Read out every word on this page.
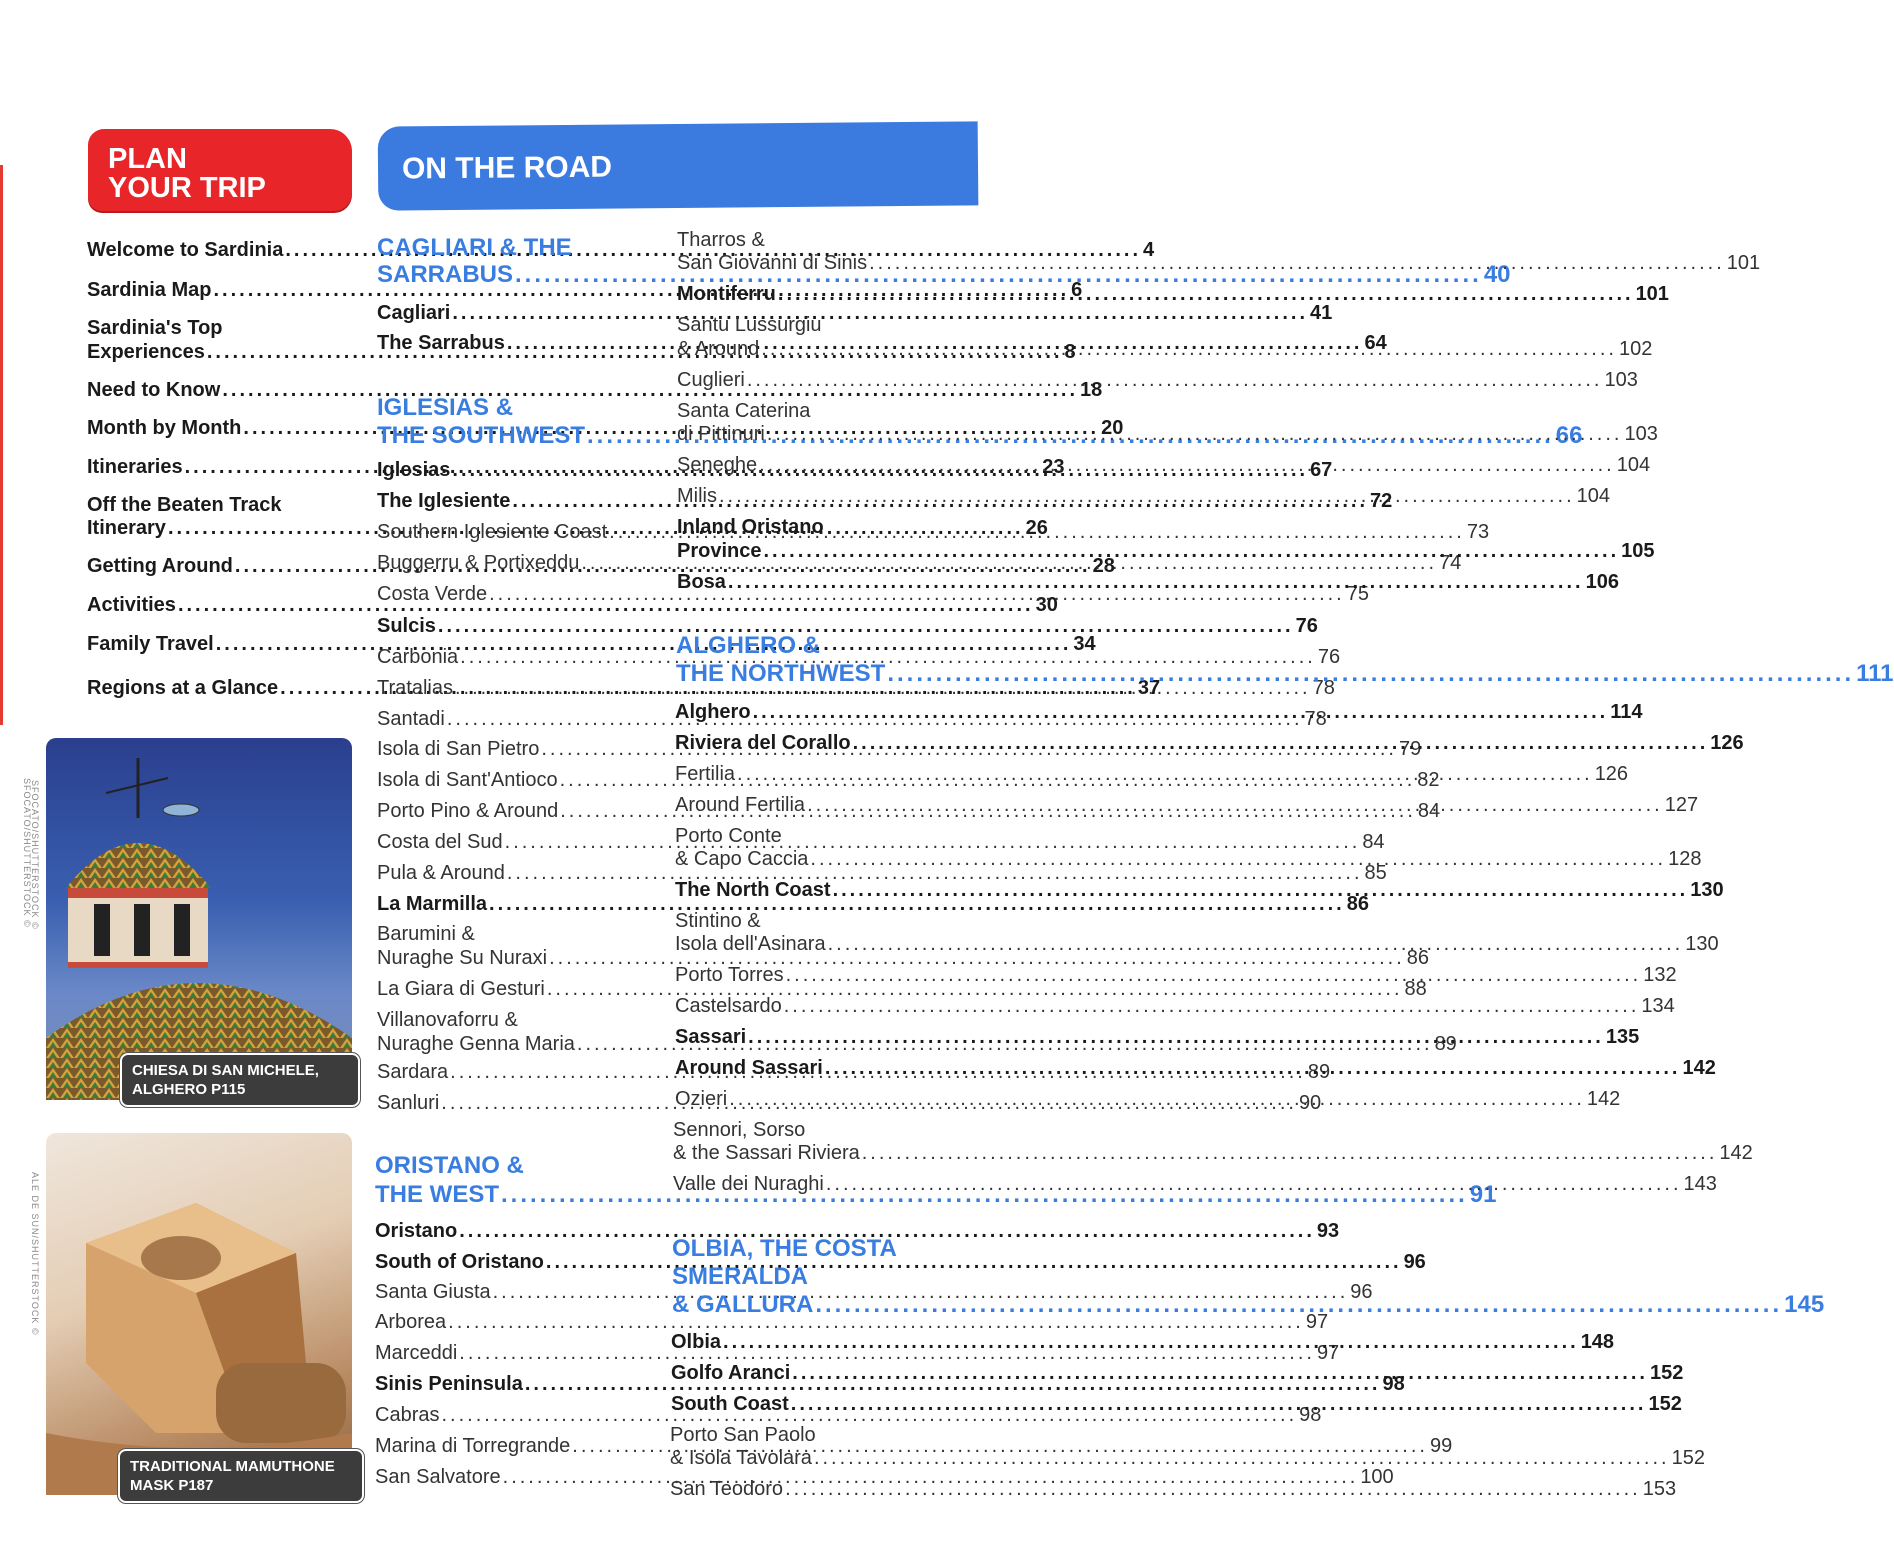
PLAN
YOUR TRIP
Welcome to Sardinia .....	4
Sardinia Map .....	6
Sardinia's Top
Experiences .....	8
Need to Know .....	18
Month by Month .....	20
Itineraries .....	23
Off the Beaten Track
Itinerary .....	26
Getting Around .....	28
Activities .....	30
Family Travel .....	34
Regions at a Glance .....	37
SFOCATO/SHUTTERSTOCK ©
CHIESA DI SAN MICHELE,
ALGHERO P115
SFOCATO/SHUTTERSTOCK ©
TRADITIONAL MAMUTHONE
MASK P187
ALE DE SUN/SHUTTERSTOCK ©
ON THE ROAD
CAGLIARI & THE
SARRABUS .....	40
Cagliari .....	41
The Sarrabus .....	64
IGLESIAS &
THE SOUTHWEST .....	66
Iglesias .....	67
The Iglesiente .....	72
Southern Iglesiente Coast .....	73
Buggerru & Portixeddu .....	74
Costa Verde .....	75
Sulcis .....	76
Carbonia .....	76
Tratalias .....	78
Santadi .....	78
Isola di San Pietro .....	79
Isola di Sant'Antioco .....	82
Porto Pino & Around .....	84
Costa del Sud .....	84
Pula & Around .....	85
La Marmilla .....	86
Barumini &
Nuraghe Su Nuraxi .....	86
La Giara di Gesturi .....	88
Villanovaforru &
Nuraghe Genna Maria .....	89
Sardara .....	89
Sanluri .....	90
ORISTANO &
THE WEST .....	91
Oristano .....	93
South of Oristano .....	96
Santa Giusta .....	96
Arborea .....	97
Marceddi .....	97
Sinis Peninsula .....	98
Cabras .....	98
Marina di Torregrande .....	99
San Salvatore .....	100
Tharros &
San Giovanni di Sinis .....	101
Montiferru .....	101
Santu Lussurgiu
& Around .....	102
Cuglieri .....	103
Santa Caterina
di Pittinuri .....	103
Seneghe .....	104
Milis .....	104
Inland Oristano
Province .....	105
Bosa .....	106
ALGHERO &
THE NORTHWEST .....	111
Alghero .....	114
Riviera del Corallo .....	126
Fertilia .....	126
Around Fertilia .....	127
Porto Conte
& Capo Caccia .....	128
The North Coast .....	130
Stintino &
Isola dell'Asinara .....	130
Porto Torres .....	132
Castelsardo .....	134
Sassari .....	135
Around Sassari .....	142
Ozieri .....	142
Sennori, Sorso
& the Sassari Riviera .....	142
Valle dei Nuraghi .....	143
OLBIA, THE COSTA
SMERALDA
& GALLURA .....	145
Olbia .....	148
Golfo Aranci .....	152
South Coast .....	152
Porto San Paolo
& Isola Tavolara .....	152
San Teodoro .....	153
